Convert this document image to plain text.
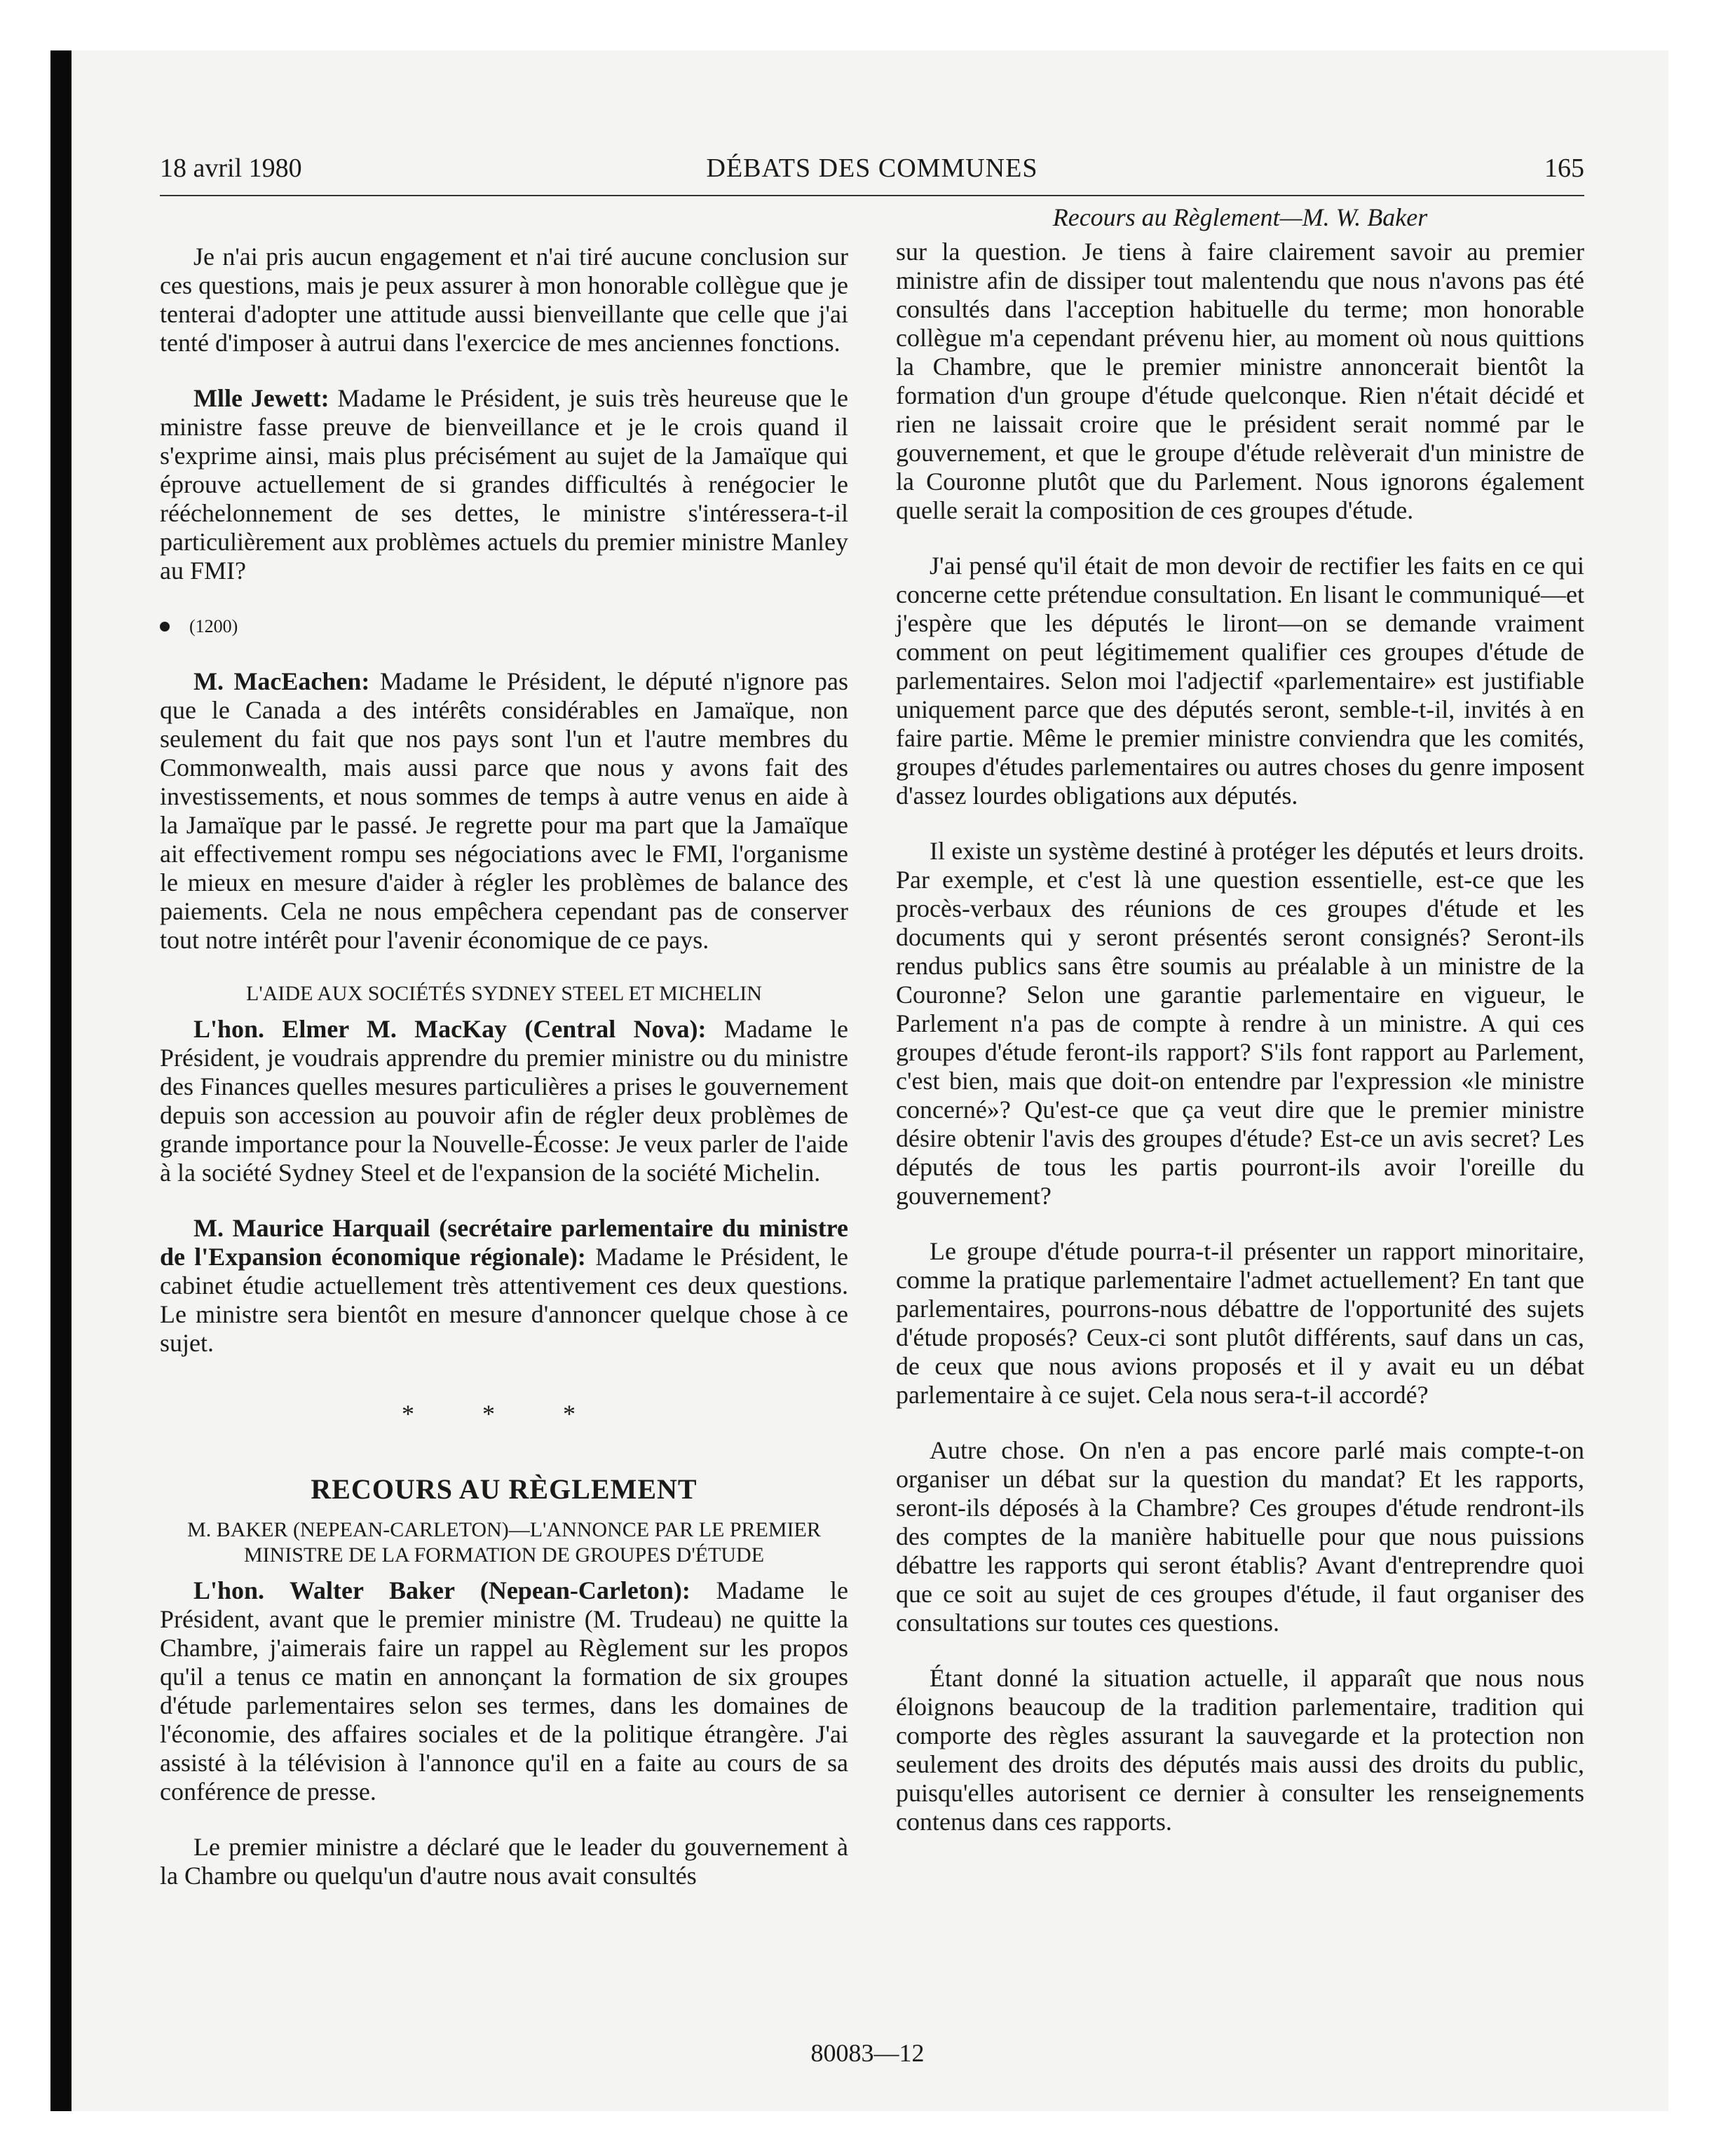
18 avril 1980	DÉBATS DES COMMUNES	165

Je n'ai pris aucun engagement et n'ai tiré aucune conclusion sur ces questions, mais je peux assurer à mon honorable collègue que je tenterai d'adopter une attitude aussi bienveillante que celle que j'ai tenté d'imposer à autrui dans l'exercice de mes anciennes fonctions.

Mlle Jewett: Madame le Président, je suis très heureuse que le ministre fasse preuve de bienveillance et je le crois quand il s'exprime ainsi, mais plus précisément au sujet de la Jamaïque qui éprouve actuellement de si grandes difficultés à renégocier le rééchelonnement de ses dettes, le ministre s'intéressera-t-il particulièrement aux problèmes actuels du premier ministre Manley au FMI?

(1200)

M. MacEachen: Madame le Président, le député n'ignore pas que le Canada a des intérêts considérables en Jamaïque, non seulement du fait que nos pays sont l'un et l'autre membres du Commonwealth, mais aussi parce que nous y avons fait des investissements, et nous sommes de temps à autre venus en aide à la Jamaïque par le passé. Je regrette pour ma part que la Jamaïque ait effectivement rompu ses négociations avec le FMI, l'organisme le mieux en mesure d'aider à régler les problèmes de balance des paiements. Cela ne nous empêchera cependant pas de conserver tout notre intérêt pour l'avenir économique de ce pays.

L'AIDE AUX SOCIÉTÉS SYDNEY STEEL ET MICHELIN

L'hon. Elmer M. MacKay (Central Nova): Madame le Président, je voudrais apprendre du premier ministre ou du ministre des Finances quelles mesures particulières a prises le gouvernement depuis son accession au pouvoir afin de régler deux problèmes de grande importance pour la Nouvelle-Écosse: Je veux parler de l'aide à la société Sydney Steel et de l'expansion de la société Michelin.

M. Maurice Harquail (secrétaire parlementaire du ministre de l'Expansion économique régionale): Madame le Président, le cabinet étudie actuellement très attentivement ces deux questions. Le ministre sera bientôt en mesure d'annoncer quelque chose à ce sujet.

* * *
RECOURS AU RÈGLEMENT
M. BAKER (NEPEAN-CARLETON)—L'ANNONCE PAR LE PREMIER MINISTRE DE LA FORMATION DE GROUPES D'ÉTUDE

L'hon. Walter Baker (Nepean-Carleton): Madame le Président, avant que le premier ministre (M. Trudeau) ne quitte la Chambre, j'aimerais faire un rappel au Règlement sur les propos qu'il a tenus ce matin en annonçant la formation de six groupes d'étude parlementaires selon ses termes, dans les domaines de l'économie, des affaires sociales et de la politique étrangère. J'ai assisté à la télévision à l'annonce qu'il en a faite au cours de sa conférence de presse.

Le premier ministre a déclaré que le leader du gouvernement à la Chambre ou quelqu'un d'autre nous avait consultés

Recours au Règlement—M. W. Baker

sur la question. Je tiens à faire clairement savoir au premier ministre afin de dissiper tout malentendu que nous n'avons pas été consultés dans l'acception habituelle du terme; mon honorable collègue m'a cependant prévenu hier, au moment où nous quittions la Chambre, que le premier ministre annoncerait bientôt la formation d'un groupe d'étude quelconque. Rien n'était décidé et rien ne laissait croire que le président serait nommé par le gouvernement, et que le groupe d'étude relèverait d'un ministre de la Couronne plutôt que du Parlement. Nous ignorons également quelle serait la composition de ces groupes d'étude.

J'ai pensé qu'il était de mon devoir de rectifier les faits en ce qui concerne cette prétendue consultation. En lisant le communiqué—et j'espère que les députés le liront—on se demande vraiment comment on peut légitimement qualifier ces groupes d'étude de parlementaires. Selon moi l'adjectif «parlementaire» est justifiable uniquement parce que des députés seront, semble-t-il, invités à en faire partie. Même le premier ministre conviendra que les comités, groupes d'études parlementaires ou autres choses du genre imposent d'assez lourdes obligations aux députés.

Il existe un système destiné à protéger les députés et leurs droits. Par exemple, et c'est là une question essentielle, est-ce que les procès-verbaux des réunions de ces groupes d'étude et les documents qui y seront présentés seront consignés? Seront-ils rendus publics sans être soumis au préalable à un ministre de la Couronne? Selon une garantie parlementaire en vigueur, le Parlement n'a pas de compte à rendre à un ministre. A qui ces groupes d'étude feront-ils rapport? S'ils font rapport au Parlement, c'est bien, mais que doit-on entendre par l'expression «le ministre concerné»? Qu'est-ce que ça veut dire que le premier ministre désire obtenir l'avis des groupes d'étude? Est-ce un avis secret? Les députés de tous les partis pourront-ils avoir l'oreille du gouvernement?

Le groupe d'étude pourra-t-il présenter un rapport minoritaire, comme la pratique parlementaire l'admet actuellement? En tant que parlementaires, pourrons-nous débattre de l'opportunité des sujets d'étude proposés? Ceux-ci sont plutôt différents, sauf dans un cas, de ceux que nous avions proposés et il y avait eu un débat parlementaire à ce sujet. Cela nous sera-t-il accordé?

Autre chose. On n'en a pas encore parlé mais compte-t-on organiser un débat sur la question du mandat? Et les rapports, seront-ils déposés à la Chambre? Ces groupes d'étude rendront-ils des comptes de la manière habituelle pour que nous puissions débattre les rapports qui seront établis? Avant d'entreprendre quoi que ce soit au sujet de ces groupes d'étude, il faut organiser des consultations sur toutes ces questions.

Étant donné la situation actuelle, il apparaît que nous nous éloignons beaucoup de la tradition parlementaire, tradition qui comporte des règles assurant la sauvegarde et la protection non seulement des droits des députés mais aussi des droits du public, puisqu'elles autorisent ce dernier à consulter les renseignements contenus dans ces rapports.

80083—12
